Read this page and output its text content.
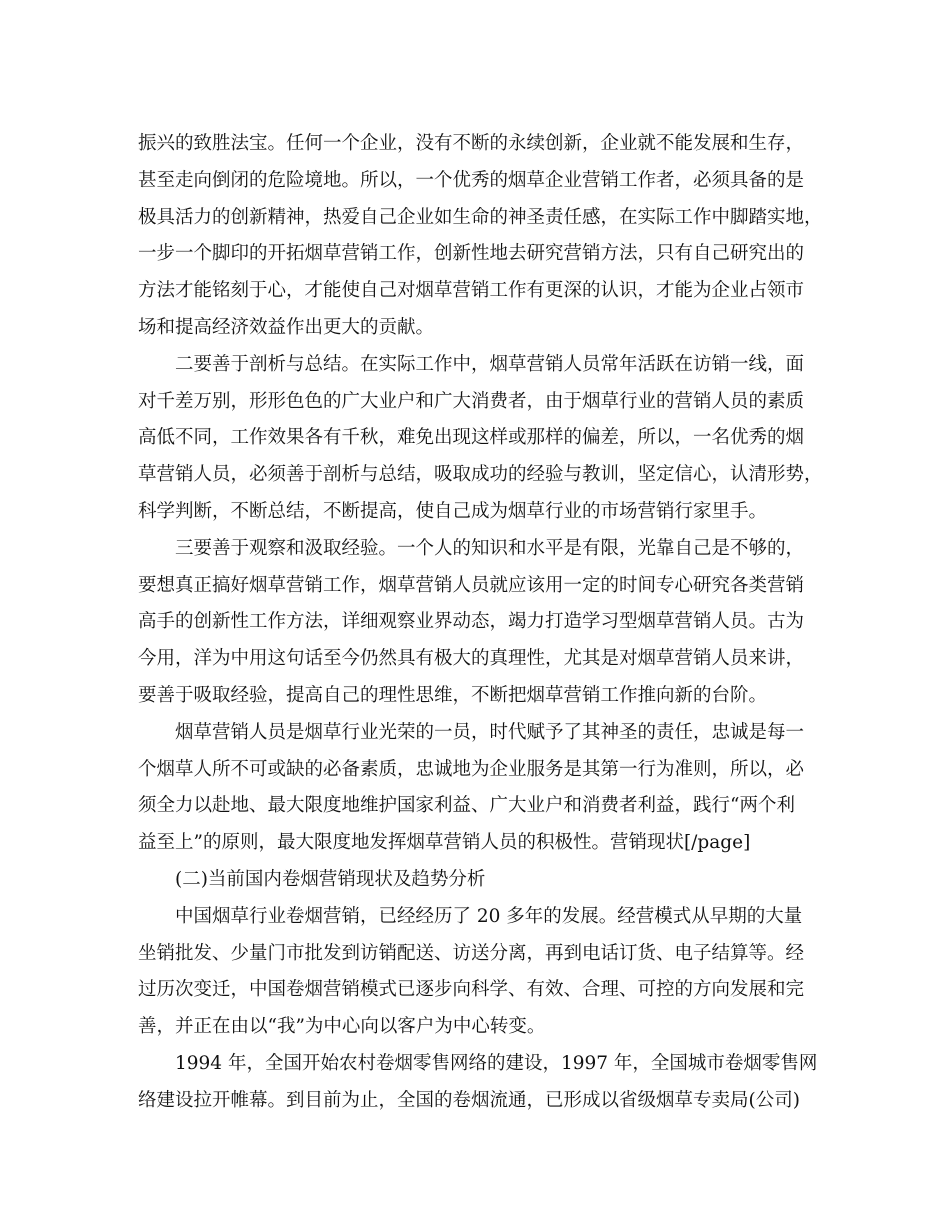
振兴的致胜法宝。任何一个企业，没有不断的永续创新，企业就不能发展和生存，
甚至走向倒闭的危险境地。所以，一个优秀的烟草企业营销工作者，必须具备的是
极具活力的创新精神，热爱自己企业如生命的神圣责任感，在实际工作中脚踏实地，
一步一个脚印的开拓烟草营销工作，创新性地去研究营销方法，只有自己研究出的
方法才能铭刻于心，才能使自己对烟草营销工作有更深的认识，才能为企业占领市
场和提高经济效益作出更大的贡献。
二要善于剖析与总结。在实际工作中，烟草营销人员常年活跃在访销一线，面
对千差万别，形形色色的广大业户和广大消费者，由于烟草行业的营销人员的素质
高低不同，工作效果各有千秋，难免出现这样或那样的偏差，所以，一名优秀的烟
草营销人员，必须善于剖析与总结，吸取成功的经验与教训，坚定信心，认清形势，
科学判断，不断总结，不断提高，使自己成为烟草行业的市场营销行家里手。
三要善于观察和汲取经验。一个人的知识和水平是有限，光靠自己是不够的，
要想真正搞好烟草营销工作，烟草营销人员就应该用一定的时间专心研究各类营销
高手的创新性工作方法，详细观察业界动态，竭力打造学习型烟草营销人员。古为
今用，洋为中用这句话至今仍然具有极大的真理性，尤其是对烟草营销人员来讲，
要善于吸取经验，提高自己的理性思维，不断把烟草营销工作推向新的台阶。
烟草营销人员是烟草行业光荣的一员，时代赋予了其神圣的责任，忠诚是每一
个烟草人所不可或缺的必备素质，忠诚地为企业服务是其第一行为准则，所以，必
须全力以赴地、最大限度地维护国家利益、广大业户和消费者利益，践行“两个利
益至上”的原则，最大限度地发挥烟草营销人员的积极性。营销现状[/page]
(二)当前国内卷烟营销现状及趋势分析
中国烟草行业卷烟营销，已经经历了 20 多年的发展。经营模式从早期的大量
坐销批发、少量门市批发到访销配送、访送分离，再到电话订货、电子结算等。经
过历次变迁，中国卷烟营销模式已逐步向科学、有效、合理、可控的方向发展和完
善，并正在由以“我”为中心向以客户为中心转变。
1994 年，全国开始农村卷烟零售网络的建设，1997 年，全国城市卷烟零售网
络建设拉开帷幕。到目前为止，全国的卷烟流通，已形成以省级烟草专卖局(公司)
